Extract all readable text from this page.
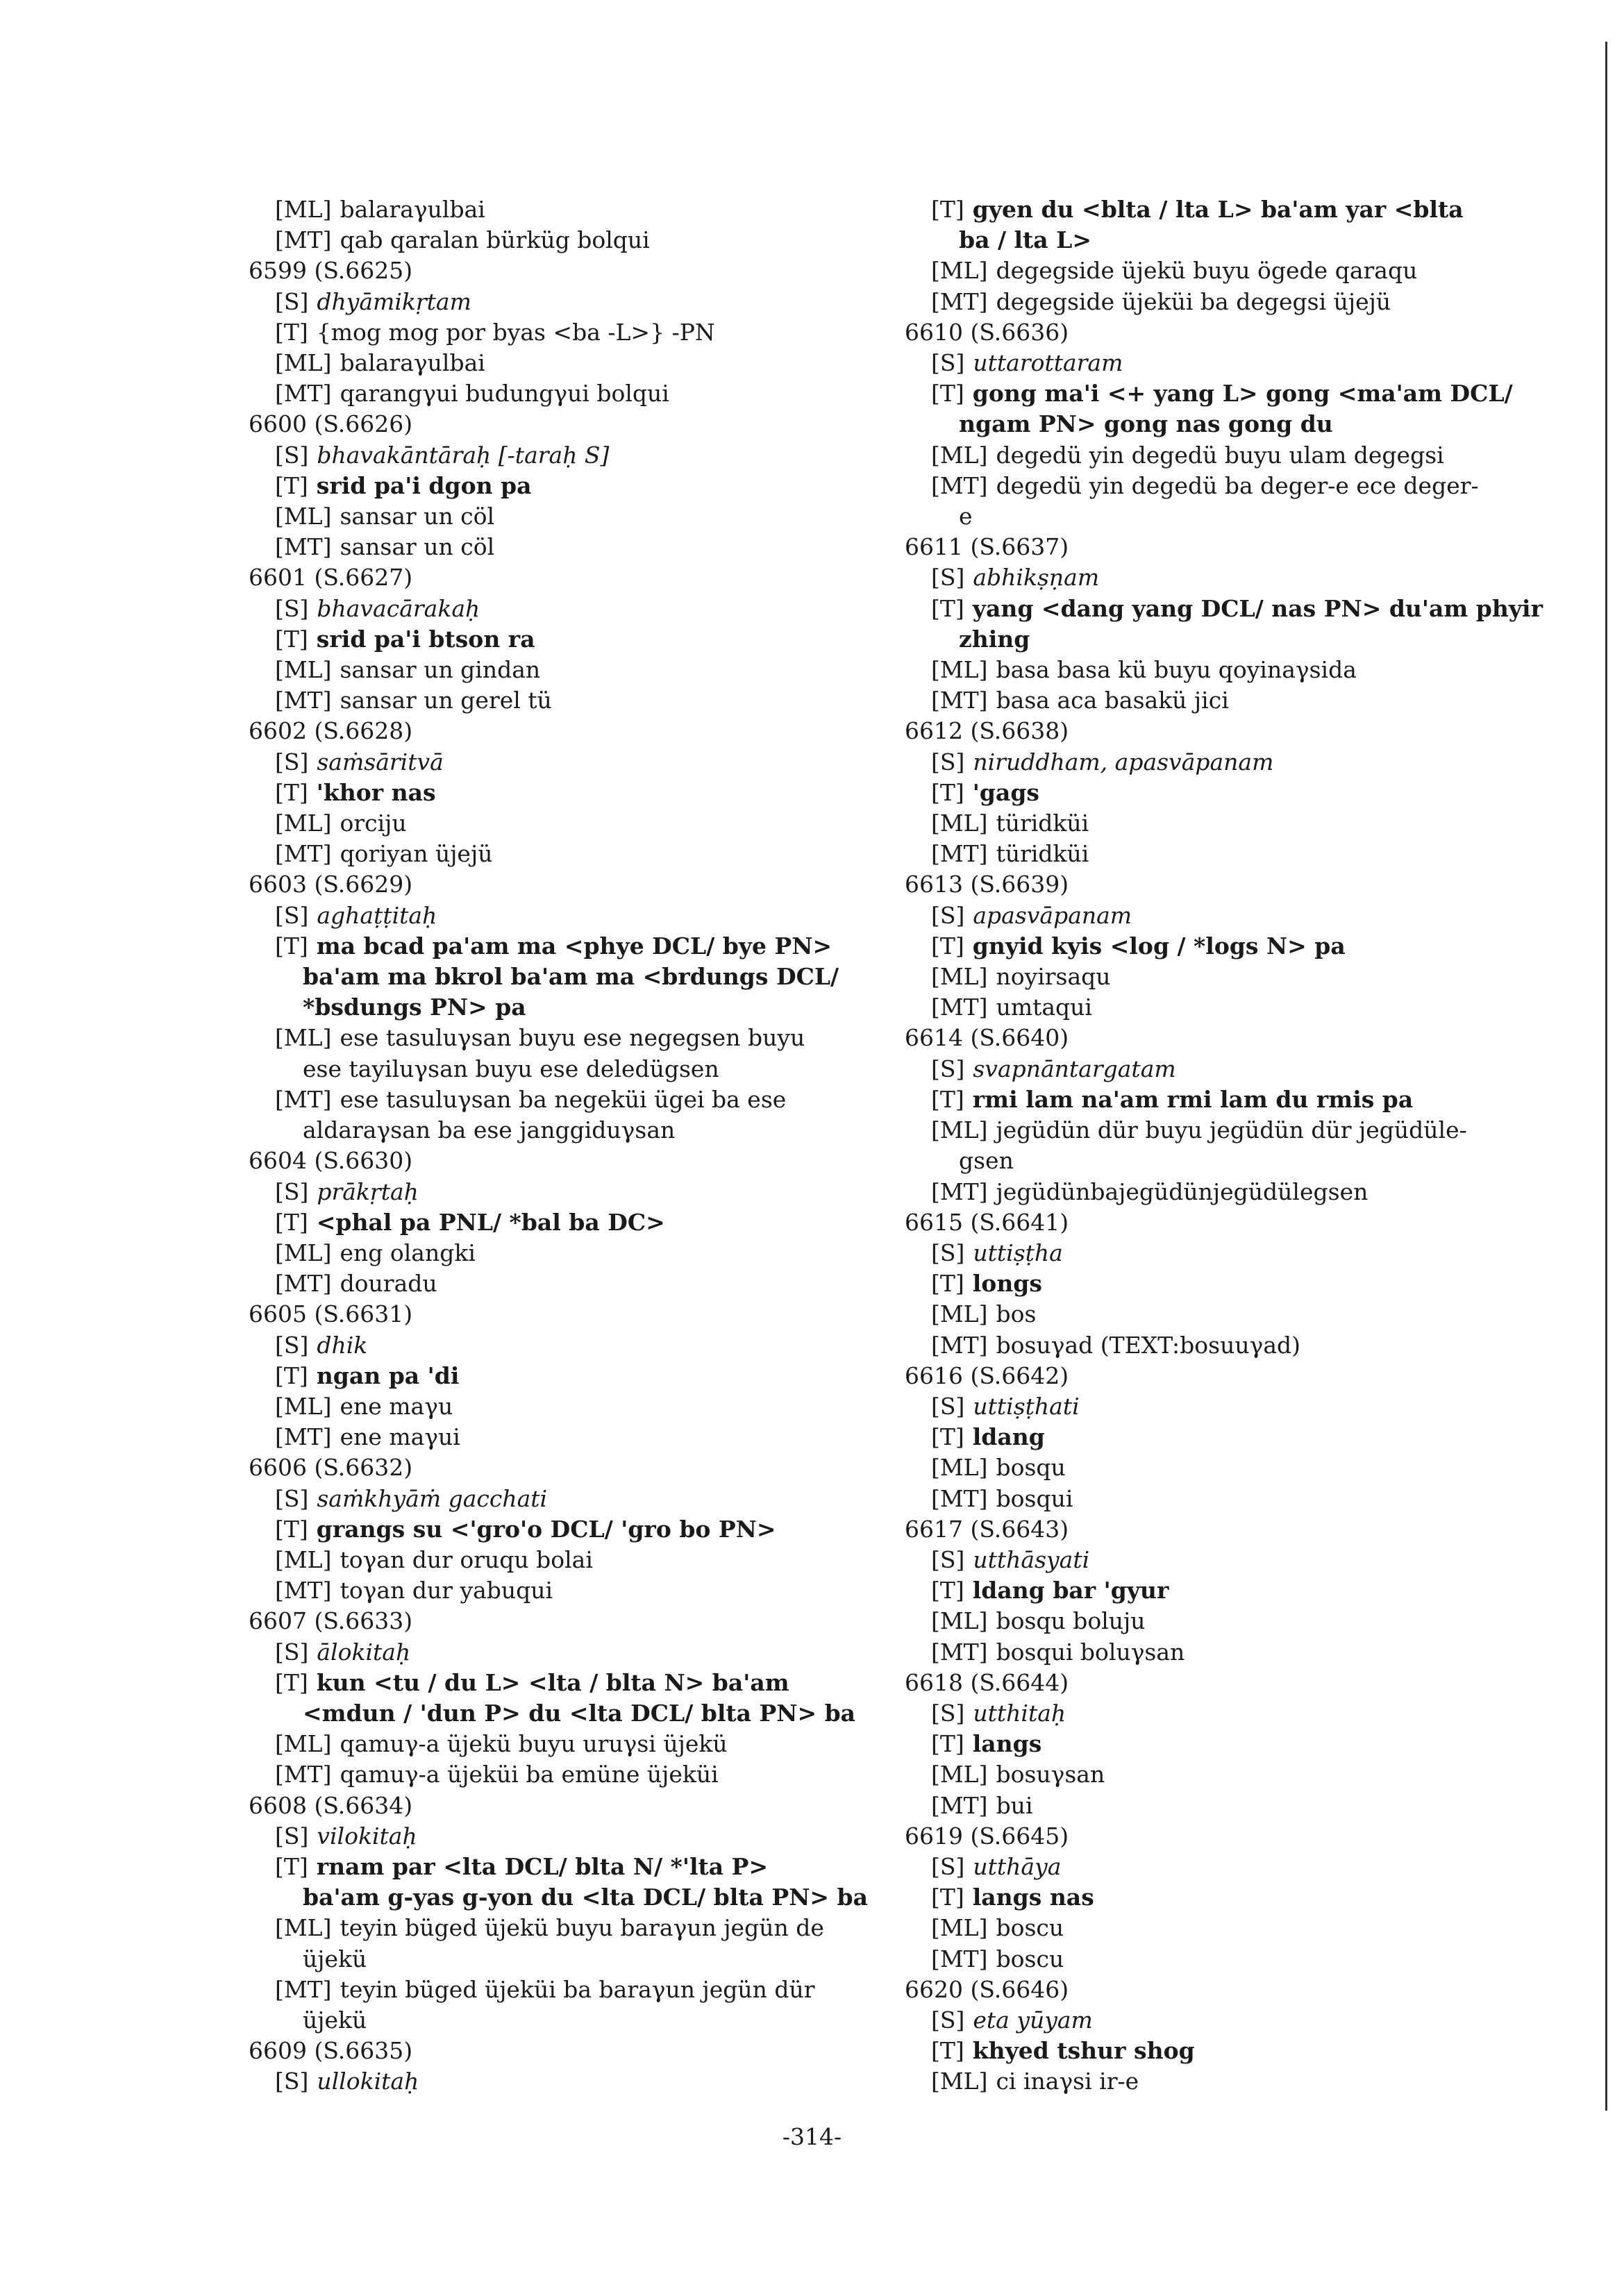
[ML] balaraγulbai
[MT] qab qaralan bürküg bolqui
6599 (S.6625)
[S] dhyāmikṛtam
[T] {mog mog por byas <ba -L>} -PN
[ML] balaraγulbai
[MT] qarangγui budungγui bolqui
6600 (S.6626)
[S] bhavakāntāraḥ [-taraḥ S]
[T] srid pa'i dgon pa
[ML] sansar un cöl
[MT] sansar un cöl
6601 (S.6627)
[S] bhavacārakaḥ
[T] srid pa'i btson ra
[ML] sansar un gindan
[MT] sansar un gerel tü
6602 (S.6628)
[S] saṁsāritvā
[T] 'khor nas
[ML] orciju
[MT] qoriyan üjejü
6603 (S.6629)
[S] aghaṭṭitaḥ
[T] ma bcad pa'am ma <phye DCL/ bye PN>
ba'am ma bkrol ba'am ma <brdungs DCL/
*bsdungs PN> pa
[ML] ese tasuluγsan buyu ese negegsen buyu
ese tayiluγsan buyu ese deledügsen
[MT] ese tasuluγsan ba negeküi ügei ba ese
aldaraγsan ba ese janggiduγsan
6604 (S.6630)
[S] prākṛtaḥ
[T] <phal pa PNL/ *bal ba DC>
[ML] eng olangki
[MT] douradu
6605 (S.6631)
[S] dhik
[T] ngan pa 'di
[ML] ene maγu
[MT] ene maγui
6606 (S.6632)
[S] saṁkhyāṁ gacchati
[T] grangs su <'gro'o DCL/ 'gro bo PN>
[ML] toγan dur oruqu bolai
[MT] toγan dur yabuqui
6607 (S.6633)
[S] ālokitaḥ
[T] kun <tu / du L> <lta / blta N> ba'am
<mdun / 'dun P> du <lta DCL/ blta PN> ba
[ML] qamuγ-a üjekü buyu uruγsi üjekü
[MT] qamuγ-a üjeküi ba emüne üjeküi
6608 (S.6634)
[S] vilokitaḥ
[T] rnam par <lta DCL/ blta N/ *'lta P>
ba'am g-yas g-yon du <lta DCL/ blta PN> ba
[ML] teyin büged üjekü buyu baraγun jegün de
üjekü
[MT] teyin büged üjeküi ba baraγun jegün dür
üjekü
6609 (S.6635)
[S] ullokitaḥ
[T] gyen du <blta / lta L> ba'am yar <blta
ba / lta L>
[ML] degegside üjekü buyu ögede qaraqu
[MT] degegside üjeküi ba degegsi üjejü
6610 (S.6636)
[S] uttarottaram
[T] gong ma'i <+ yang L> gong <ma'am DCL/
ngam PN> gong nas gong du
[ML] degedü yin degedü buyu ulam degegsi
[MT] degedü yin degedü ba deger-e ece deger-
e
6611 (S.6637)
[S] abhikṣṇam
[T] yang <dang yang DCL/ nas PN> du'am phyir
zhing
[ML] basa basa kü buyu qoyinaγsida
[MT] basa aca basakü jici
6612 (S.6638)
[S] niruddham, apasvāpanam
[T] 'gags
[ML] türidküi
[MT] türidküi
6613 (S.6639)
[S] apasvāpanam
[T] gnyid kyis <log / *logs N> pa
[ML] noyirsaqu
[MT] umtaqui
6614 (S.6640)
[S] svapnāntargatam
[T] rmi lam na'am rmi lam du rmis pa
[ML] jegüdün dür buyu jegüdün dür jegüdüle-
gsen
[MT] jegüdünbajegüdünjegüdülegsen
6615 (S.6641)
[S] uttiṣṭha
[T] longs
[ML] bos
[MT] bosuγad (TEXT:bosuuγad)
6616 (S.6642)
[S] uttiṣṭhati
[T] ldang
[ML] bosqu
[MT] bosqui
6617 (S.6643)
[S] utthāsyati
[T] ldang bar 'gyur
[ML] bosqu boluju
[MT] bosqui boluγsan
6618 (S.6644)
[S] utthitaḥ
[T] langs
[ML] bosuγsan
[MT] bui
6619 (S.6645)
[S] utthāya
[T] langs nas
[ML] boscu
[MT] boscu
6620 (S.6646)
[S] eta yūyam
[T] khyed tshur shog
[ML] ci inaγsi ir-e
-314-
